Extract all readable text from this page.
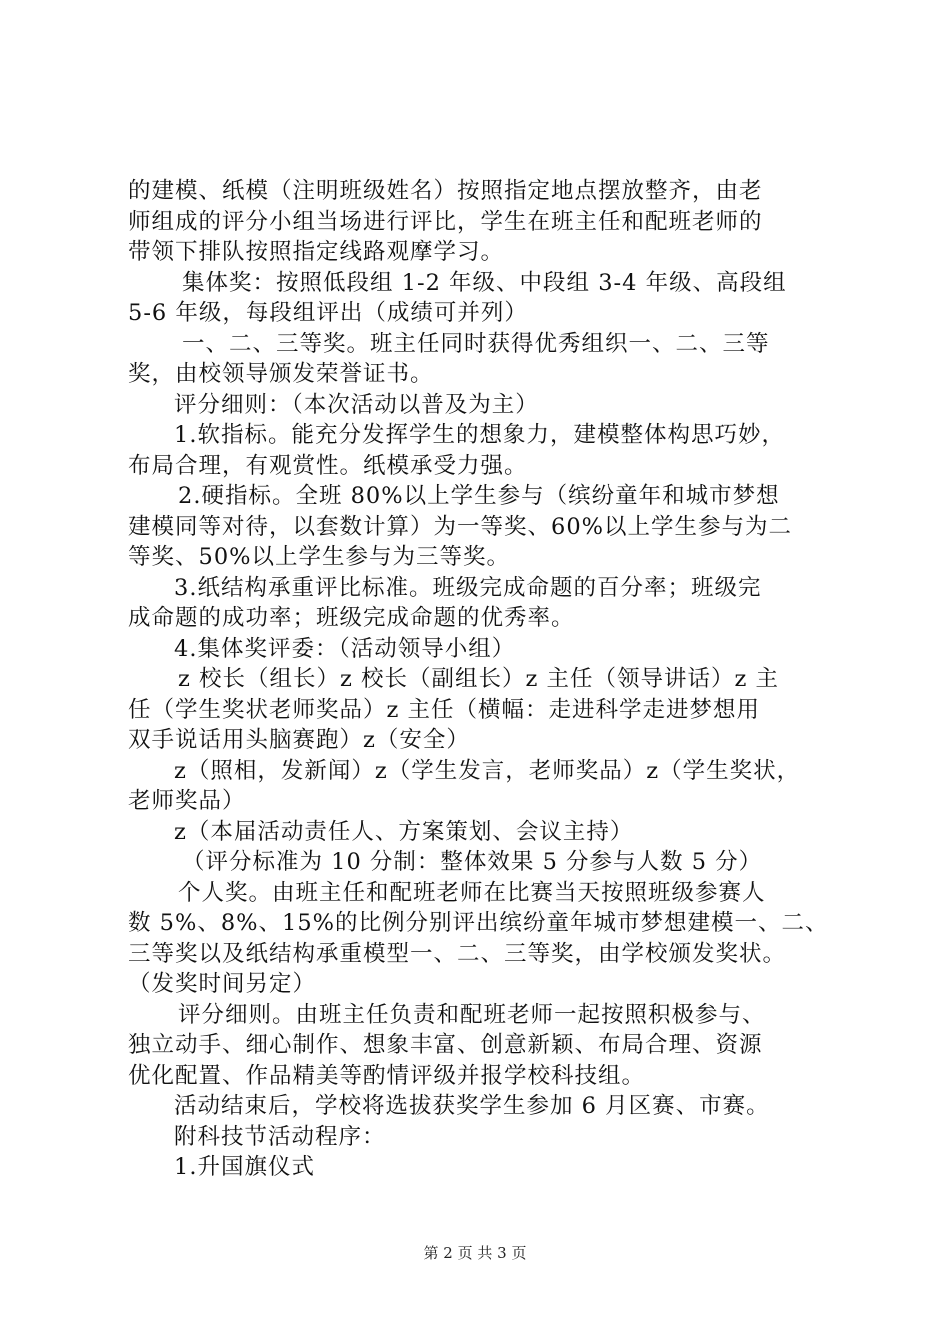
的建模、纸模（注明班级姓名）按照指定地点摆放整齐，由老
师组成的评分小组当场进行评比，学生在班主任和配班老师的
带领下排队按照指定线路观摩学习。
集体奖：按照低段组 1-2 年级、中段组 3-4 年级、高段组
5-6 年级，每段组评出（成绩可并列）
一、二、三等奖。班主任同时获得优秀组织一、二、三等
奖，由校领导颁发荣誉证书。
评分细则：（本次活动以普及为主）
1.软指标。能充分发挥学生的想象力，建模整体构思巧妙，
布局合理，有观赏性。纸模承受力强。
2.硬指标。全班 80%以上学生参与（缤纷童年和城市梦想
建模同等对待，以套数计算）为一等奖、60%以上学生参与为二
等奖、50%以上学生参与为三等奖。
3.纸结构承重评比标准。班级完成命题的百分率；班级完
成命题的成功率；班级完成命题的优秀率。
4.集体奖评委：（活动领导小组）
z 校长（组长）z 校长（副组长）z 主任（领导讲话）z 主
任（学生奖状老师奖品）z 主任（横幅：走进科学走进梦想用
双手说话用头脑赛跑）z（安全）
z（照相，发新闻）z（学生发言，老师奖品）z（学生奖状，
老师奖品）
z（本届活动责任人、方案策划、会议主持）
（评分标准为 10 分制：整体效果 5 分参与人数 5 分）
个人奖。由班主任和配班老师在比赛当天按照班级参赛人
数 5%、8%、15%的比例分别评出缤纷童年城市梦想建模一、二、
三等奖以及纸结构承重模型一、二、三等奖，由学校颁发奖状。
（发奖时间另定）
评分细则。由班主任负责和配班老师一起按照积极参与、
独立动手、细心制作、想象丰富、创意新颖、布局合理、资源
优化配置、作品精美等酌情评级并报学校科技组。
活动结束后，学校将选拔获奖学生参加 6 月区赛、市赛。
附科技节活动程序：
1.升国旗仪式
第 2 页 共 3 页
